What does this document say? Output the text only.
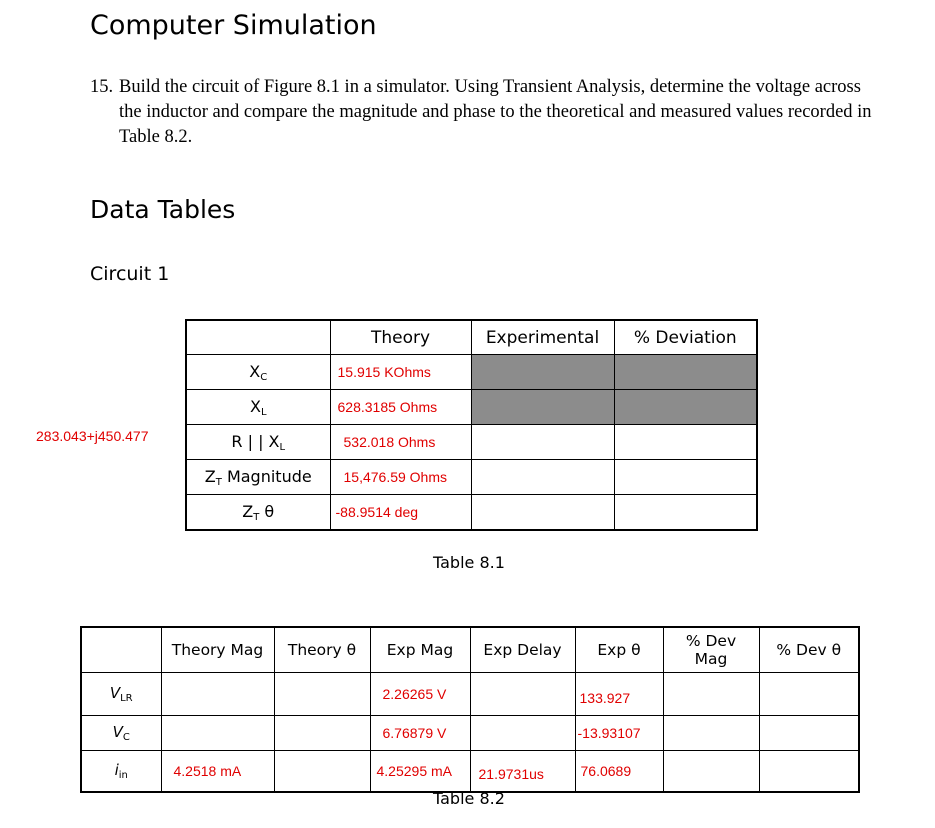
Computer Simulation
15. Build the circuit of Figure 8.1 in a simulator. Using Transient Analysis, determine the voltage across the inductor and compare the magnitude and phase to the theoretical and measured values recorded in Table 8.2.
Data Tables
Circuit 1
283.043+j450.477
	Theory	Experimental	% Deviation
$X_C$	15.915 KOhms		
$X_L$	628.3185 Ohms		
R | | $X_L$	532.018 Ohms		
$Z_T$ Magnitude	15,476.59 Ohms		
$Z_T$ θ	-88.9514 deg		
Table 8.1
	Theory Mag	Theory θ	Exp Mag	Exp Delay	Exp θ	% Dev Mag	% Dev θ
$V_{LR}$			2.26265 V		133.927		
$V_C$			6.76879 V		-13.93107		
$i_{in}$	4.2518 mA		4.25295 mA	21.9731us	76.0689		
Table 8.2
